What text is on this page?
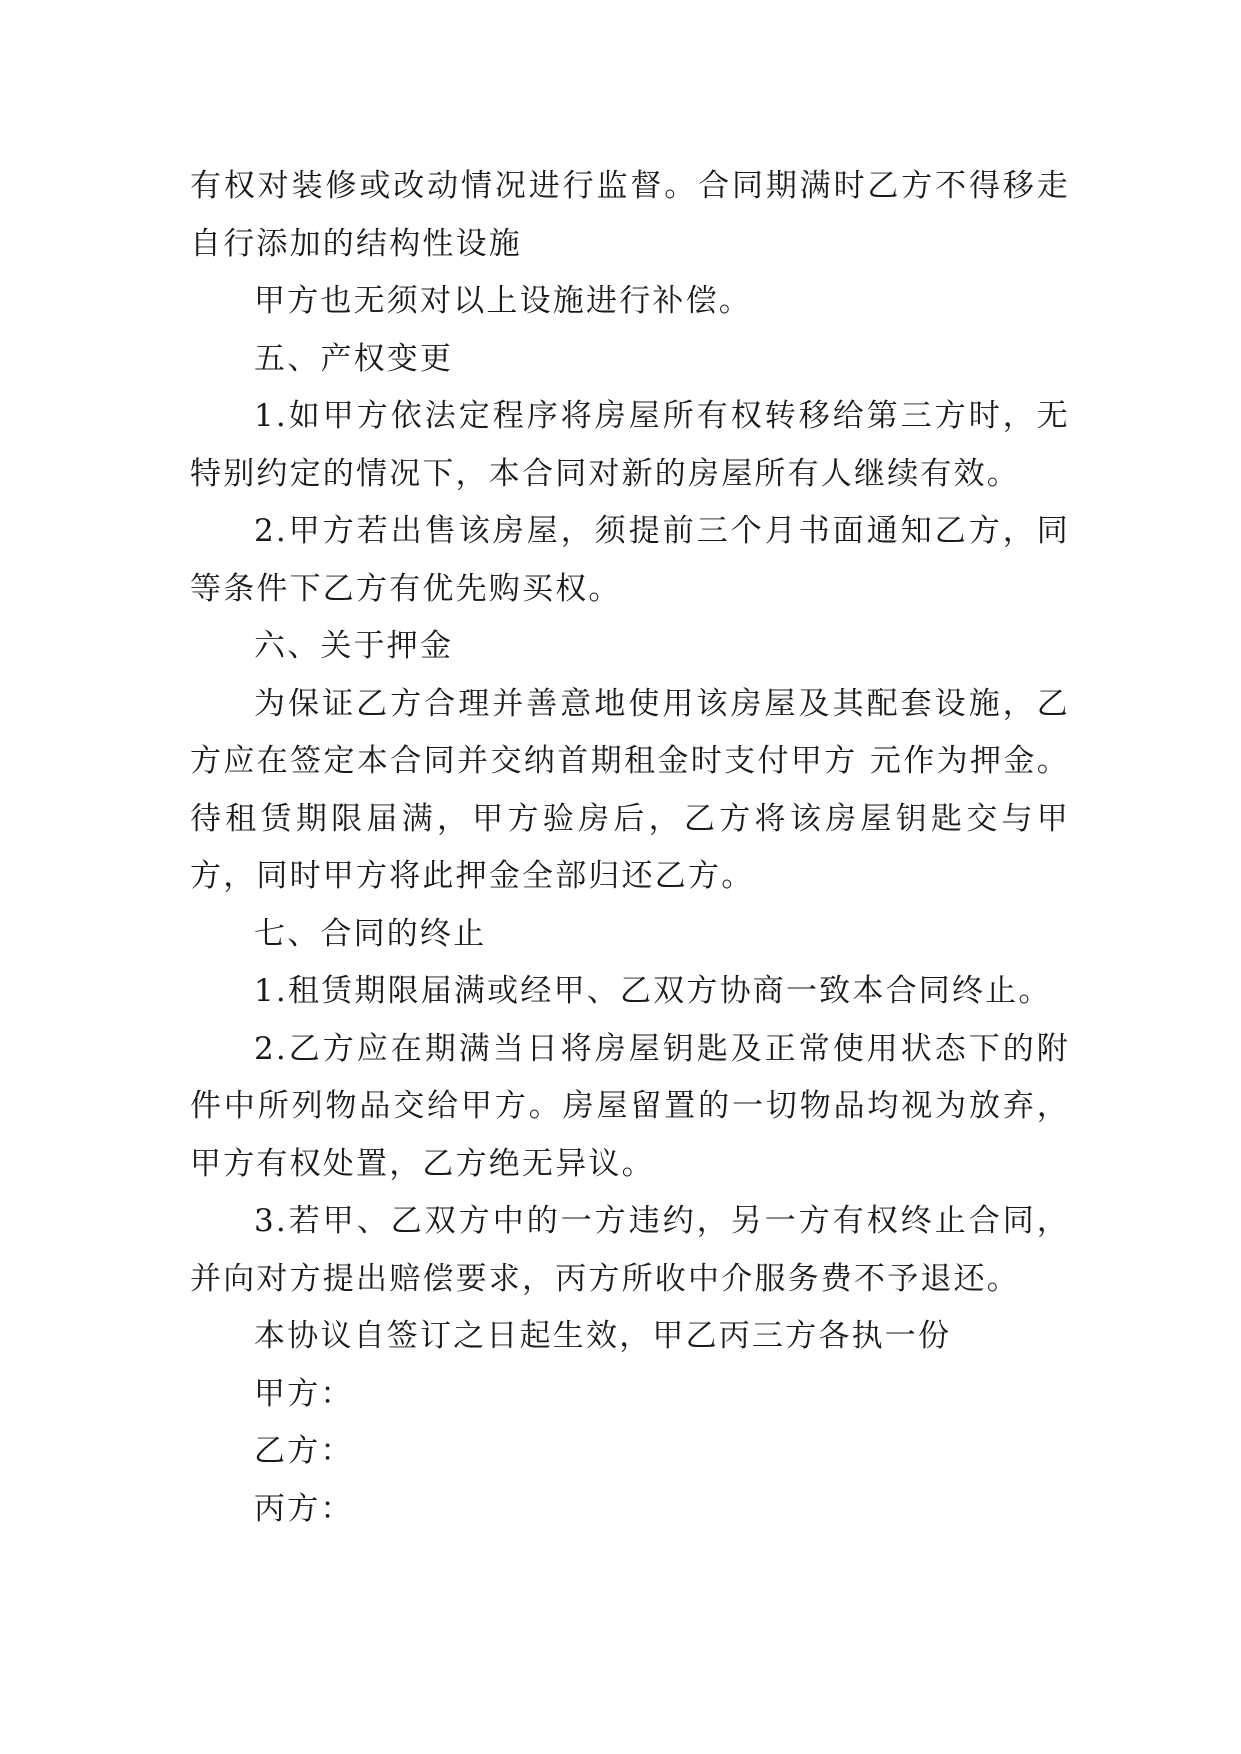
有权对装修或改动情况进行监督。合同期满时乙方不得移走自行添加的结构性设施

甲方也无须对以上设施进行补偿。

五、产权变更

1.如甲方依法定程序将房屋所有权转移给第三方时，无特别约定的情况下，本合同对新的房屋所有人继续有效。

2.甲方若出售该房屋，须提前三个月书面通知乙方，同等条件下乙方有优先购买权。

六、关于押金

为保证乙方合理并善意地使用该房屋及其配套设施，乙方应在签定本合同并交纳首期租金时支付甲方 元作为押金。待租赁期限届满，甲方验房后，乙方将该房屋钥匙交与甲方，同时甲方将此押金全部归还乙方。

七、合同的终止

1.租赁期限届满或经甲、乙双方协商一致本合同终止。

2.乙方应在期满当日将房屋钥匙及正常使用状态下的附件中所列物品交给甲方。房屋留置的一切物品均视为放弃，甲方有权处置，乙方绝无异议。

3.若甲、乙双方中的一方违约，另一方有权终止合同，并向对方提出赔偿要求，丙方所收中介服务费不予退还。

本协议自签订之日起生效，甲乙丙三方各执一份

甲方：

乙方：

丙方：
